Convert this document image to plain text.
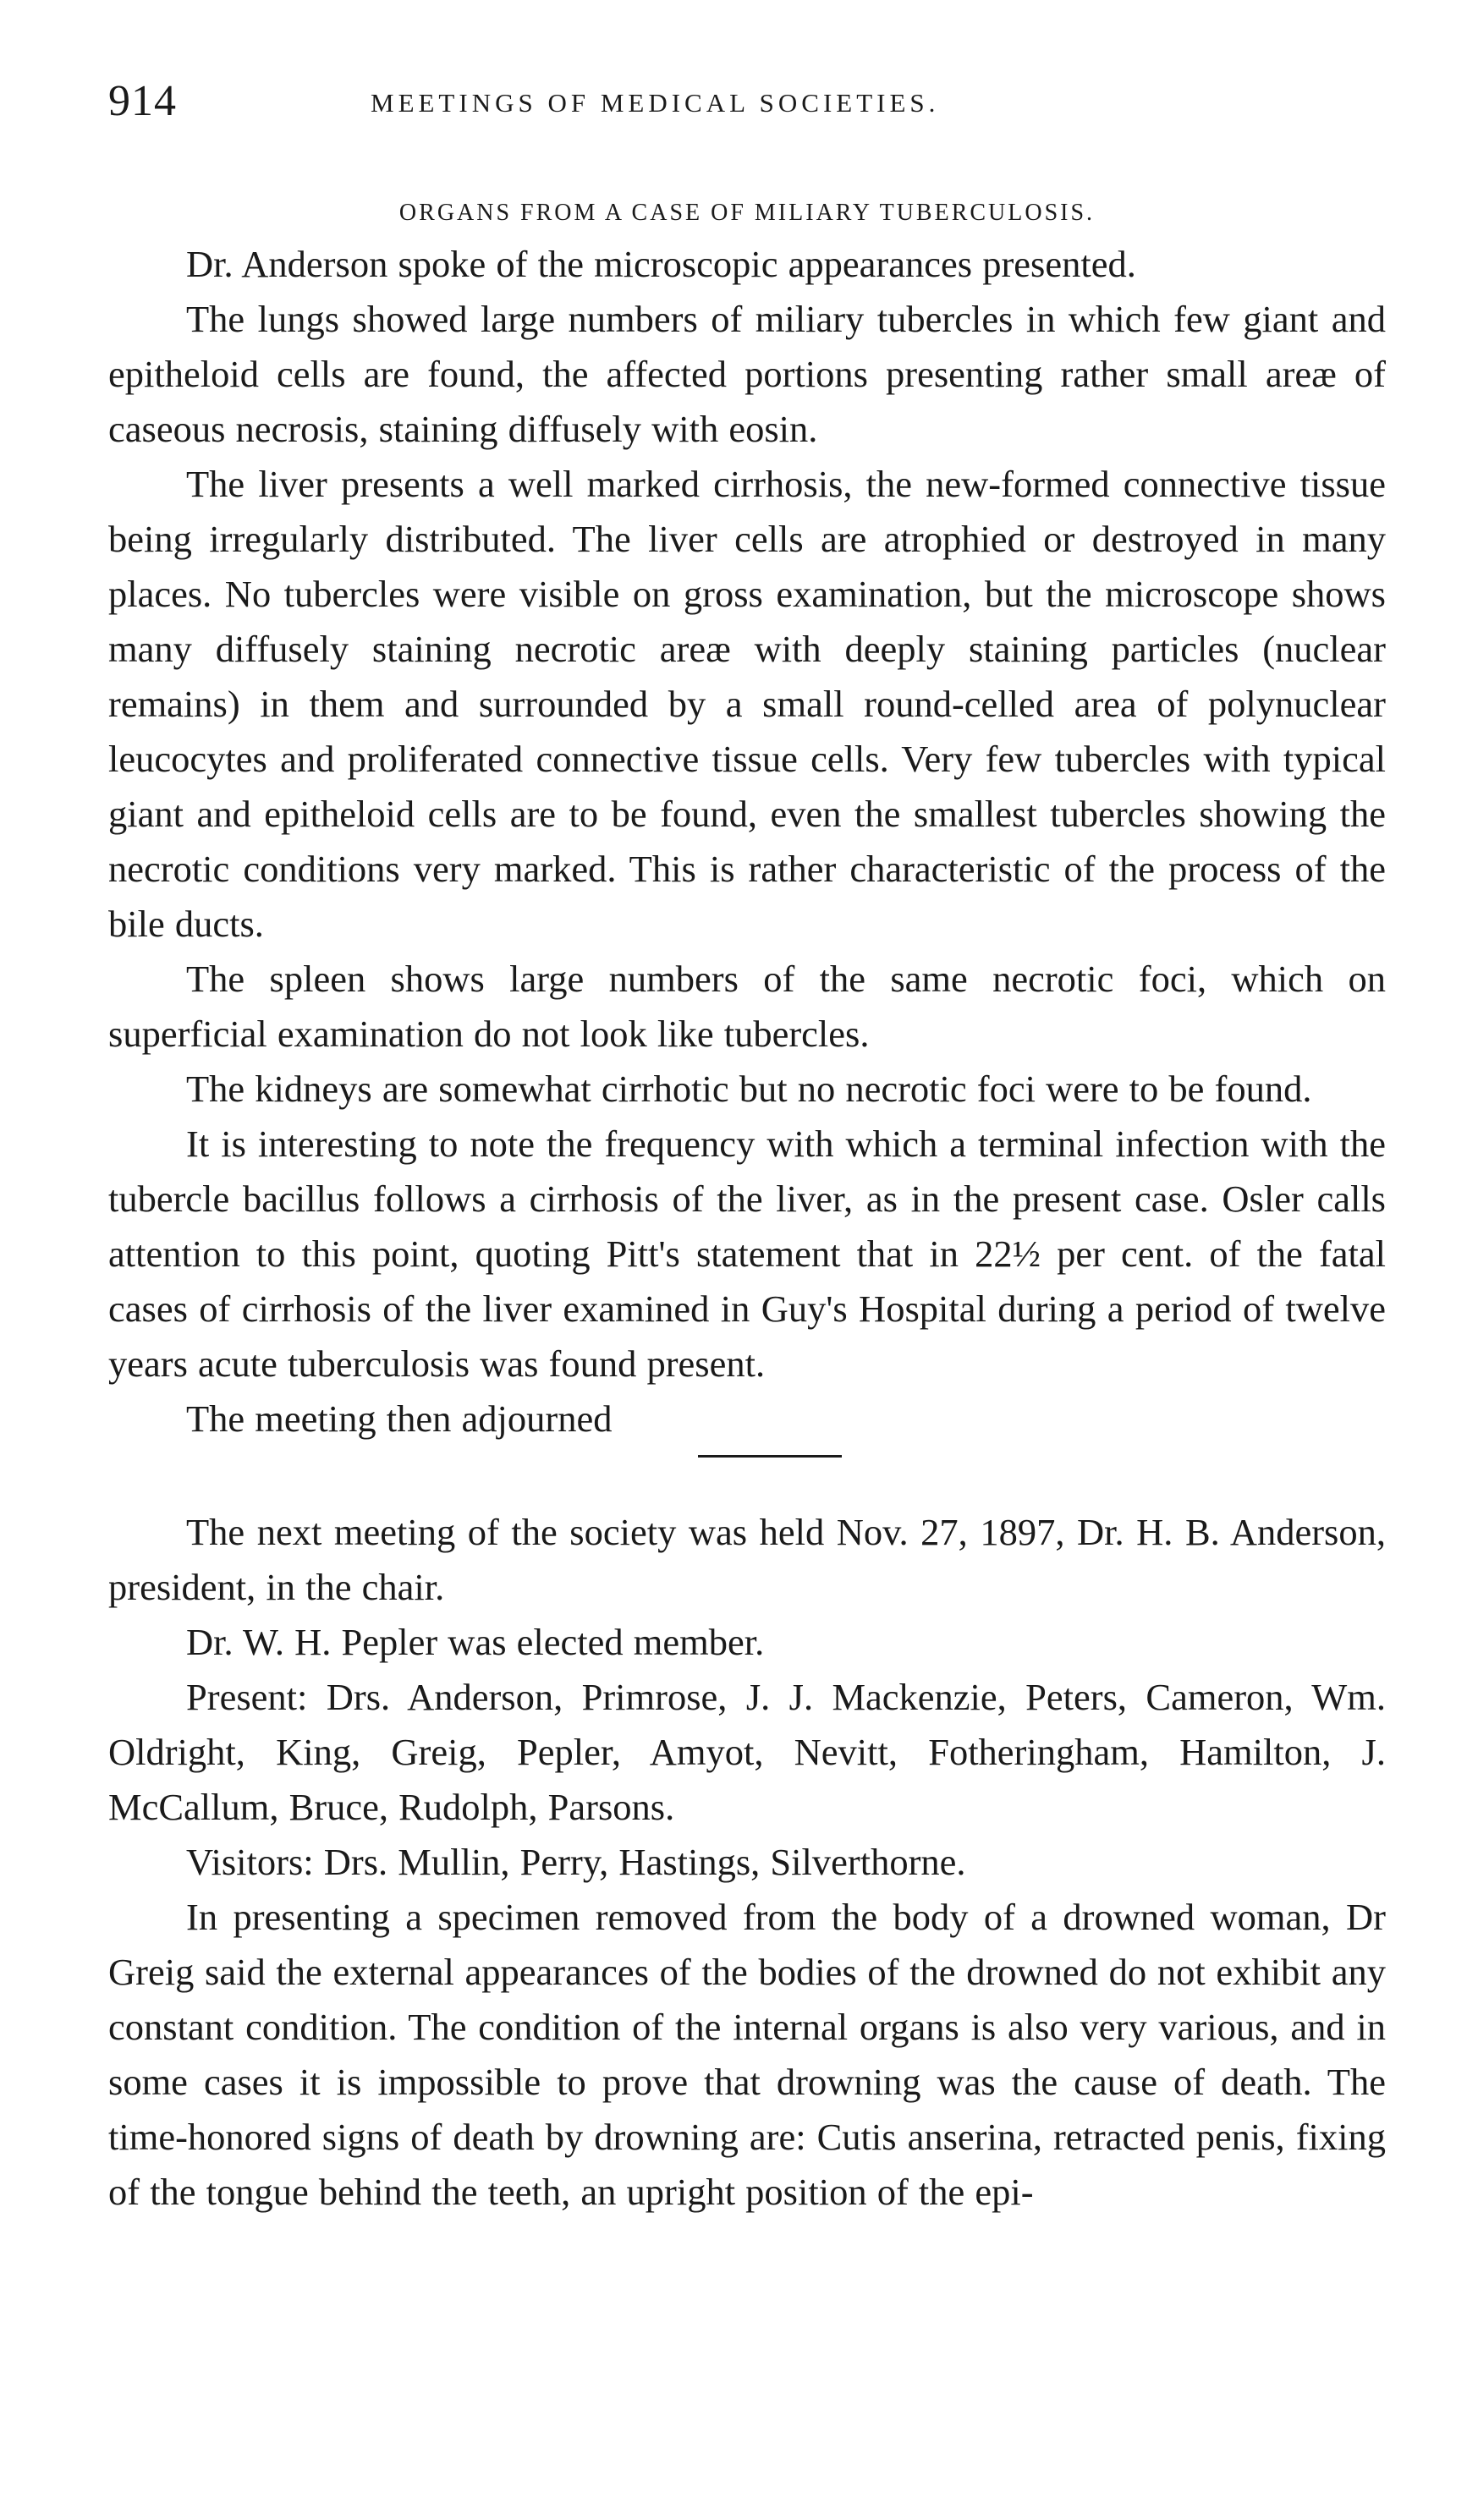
914	MEETINGS OF MEDICAL SOCIETIES.
ORGANS FROM A CASE OF MILIARY TUBERCULOSIS.

Dr. Anderson spoke of the microscopic appearances presented.

The lungs showed large numbers of miliary tubercles in which few giant and epitheloid cells are found, the affected portions presenting rather small areæ of caseous necrosis, staining diffusely with eosin.

The liver presents a well marked cirrhosis, the new-formed connective tissue being irregularly distributed. The liver cells are atrophied or destroyed in many places. No tubercles were visible on gross examination, but the microscope shows many diffusely staining necrotic areæ with deeply staining particles (nuclear remains) in them and surrounded by a small round-celled area of polynuclear leucocytes and proliferated connective tissue cells. Very few tubercles with typical giant and epitheloid cells are to be found, even the smallest tubercles showing the necrotic conditions very marked. This is rather characteristic of the process of the bile ducts.

The spleen shows large numbers of the same necrotic foci, which on superficial examination do not look like tubercles.

The kidneys are somewhat cirrhotic but no necrotic foci were to be found.

It is interesting to note the frequency with which a terminal infection with the tubercle bacillus follows a cirrhosis of the liver, as in the present case. Osler calls attention to this point, quoting Pitt's statement that in 22½ per cent. of the fatal cases of cirrhosis of the liver examined in Guy's Hospital during a period of twelve years acute tuberculosis was found present.

The meeting then adjourned

The next meeting of the society was held Nov. 27, 1897, Dr. H. B. Anderson, president, in the chair.

Dr. W. H. Pepler was elected member.

Present: Drs. Anderson, Primrose, J. J. Mackenzie, Peters, Cameron, Wm. Oldright, King, Greig, Pepler, Amyot, Nevitt, Fotheringham, Hamilton, J. McCallum, Bruce, Rudolph, Parsons.

Visitors: Drs. Mullin, Perry, Hastings, Silverthorne.

In presenting a specimen removed from the body of a drowned woman, Dr Greig said the external appearances of the bodies of the drowned do not exhibit any constant condition. The condition of the internal organs is also very various, and in some cases it is impossible to prove that drowning was the cause of death. The time-honored signs of death by drowning are: Cutis anserina, retracted penis, fixing of the tongue behind the teeth, an upright position of the epi-
